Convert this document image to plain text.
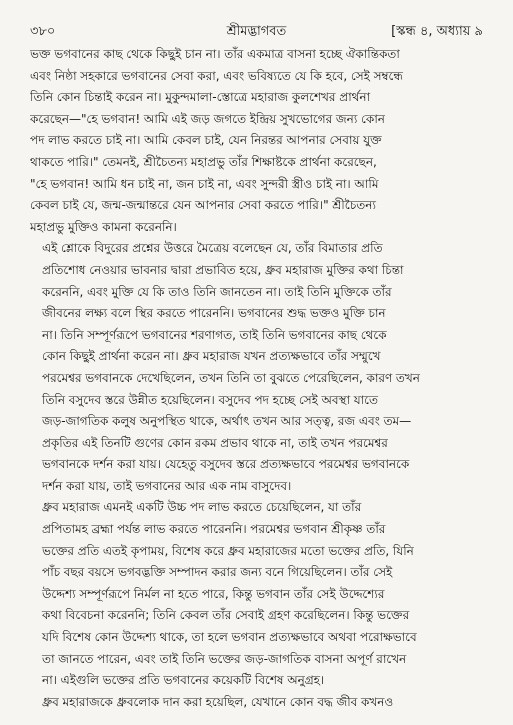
৩৮০	শ্রীমদ্ভাগবত	[স্কন্ধ ৪, অধ্যায় ৯

ভক্ত ভগবানের কাছ থেকে কিছুই চান না। তাঁর একমাত্র বাসনা হচ্ছে ঐকান্তিকতা
এবং নিষ্ঠা সহকারে ভগবানের সেবা করা, এবং ভবিষ্যতে যে কি হবে, সেই সম্বন্ধে
তিনি কোন চিন্তাই করেন না। মুকুন্দমালা-স্তোত্রে মহারাজ কুলশেখর প্রার্থনা
করেছেন—"হে ভগবান! আমি এই জড় জগতে ইন্দ্রিয় সুখভোগের জন্য কোন
পদ লাভ করতে চাই না। আমি কেবল চাই, যেন নিরন্তর আপনার সেবায় যুক্ত
থাকতে পারি।" তেমনই, শ্রীচৈতন্য মহাপ্রভু তাঁর শিক্ষাষ্টকে প্রার্থনা করেছেন,
"হে ভগবান! আমি ধন চাই না, জন চাই না, এবং সুন্দরী স্ত্রীও চাই না। আমি
কেবল চাই যে, জন্ম-জন্মান্তরে যেন আপনার সেবা করতে পারি।" শ্রীচৈতন্য
মহাপ্রভু মুক্তিও কামনা করেননি।

এই শ্লোকে বিদুরের প্রশ্নের উত্তরে মৈত্রেয় বলেছেন যে, তাঁর বিমাতার প্রতি
প্রতিশোধ নেওয়ার ভাবনার দ্বারা প্রভাবিত হয়ে, ধ্রুব মহারাজ মুক্তির কথা চিন্তা
করেননি, এবং মুক্তি যে কি তাও তিনি জানতেন না। তাই তিনি মুক্তিকে তাঁর
জীবনের লক্ষ্য বলে স্থির করতে পারেননি। ভগবানের শুদ্ধ ভক্তও মুক্তি চান
না। তিনি সম্পূর্ণরূপে ভগবানের শরণাগত, তাই তিনি ভগবানের কাছ থেকে
কোন কিছুই প্রার্থনা করেন না। ধ্রুব মহারাজ যখন প্রত্যক্ষভাবে তাঁর সম্মুখে
পরমেশ্বর ভগবানকে দেখেছিলেন, তখন তিনি তা বুঝতে পেরেছিলেন, কারণ তখন
তিনি বসুদেব স্তরে উন্নীত হয়েছিলেন। বসুদেব পদ হচ্ছে সেই অবস্থা যাতে
জড়-জাগতিক কলুষ অনুপস্থিত থাকে, অর্থাৎ তখন আর সত্ত্ব, রজ এবং তম—
প্রকৃতির এই তিনটি গুণের কোন রকম প্রভাব থাকে না, তাই তখন পরমেশ্বর
ভগবানকে দর্শন করা যায়। যেহেতু বসুদেব স্তরে প্রত্যক্ষভাবে পরমেশ্বর ভগবানকে
দর্শন করা যায়, তাই ভগবানের আর এক নাম বাসুদেব।

ধ্রুব মহারাজ এমনই একটি উচ্চ পদ লাভ করতে চেয়েছিলেন, যা তাঁর
প্রপিতামহ ব্রহ্মা পর্যন্ত লাভ করতে পারেননি। পরমেশ্বর ভগবান শ্রীকৃষ্ণ তাঁর
ভক্তের প্রতি এতই কৃপাময়, বিশেষ করে ধ্রুব মহারাজের মতো ভক্তের প্রতি, যিনি
পাঁচ বছর বয়সে ভগবদ্ভক্তি সম্পাদন করার জন্য বনে গিয়েছিলেন। তাঁর সেই
উদ্দেশ্য সম্পূর্ণরূপে নির্মল না হতে পারে, কিন্তু ভগবান তাঁর সেই উদ্দেশ্যের
কথা বিবেচনা করেননি; তিনি কেবল তাঁর সেবাই গ্রহণ করেছিলেন। কিন্তু ভক্তের
যদি বিশেষ কোন উদ্দেশ্য থাকে, তা হলে ভগবান প্রত্যক্ষভাবে অথবা পরোক্ষভাবে
তা জানতে পারেন, এবং তাই তিনি ভক্তের জড়-জাগতিক বাসনা অপূর্ণ রাখেন
না। এইগুলি ভক্তের প্রতি ভগবানের কয়েকটি বিশেষ অনুগ্রহ।

ধ্রুব মহারাজকে ধ্রুবলোক দান করা হয়েছিল, যেখানে কোন বদ্ধ জীব কখনও
